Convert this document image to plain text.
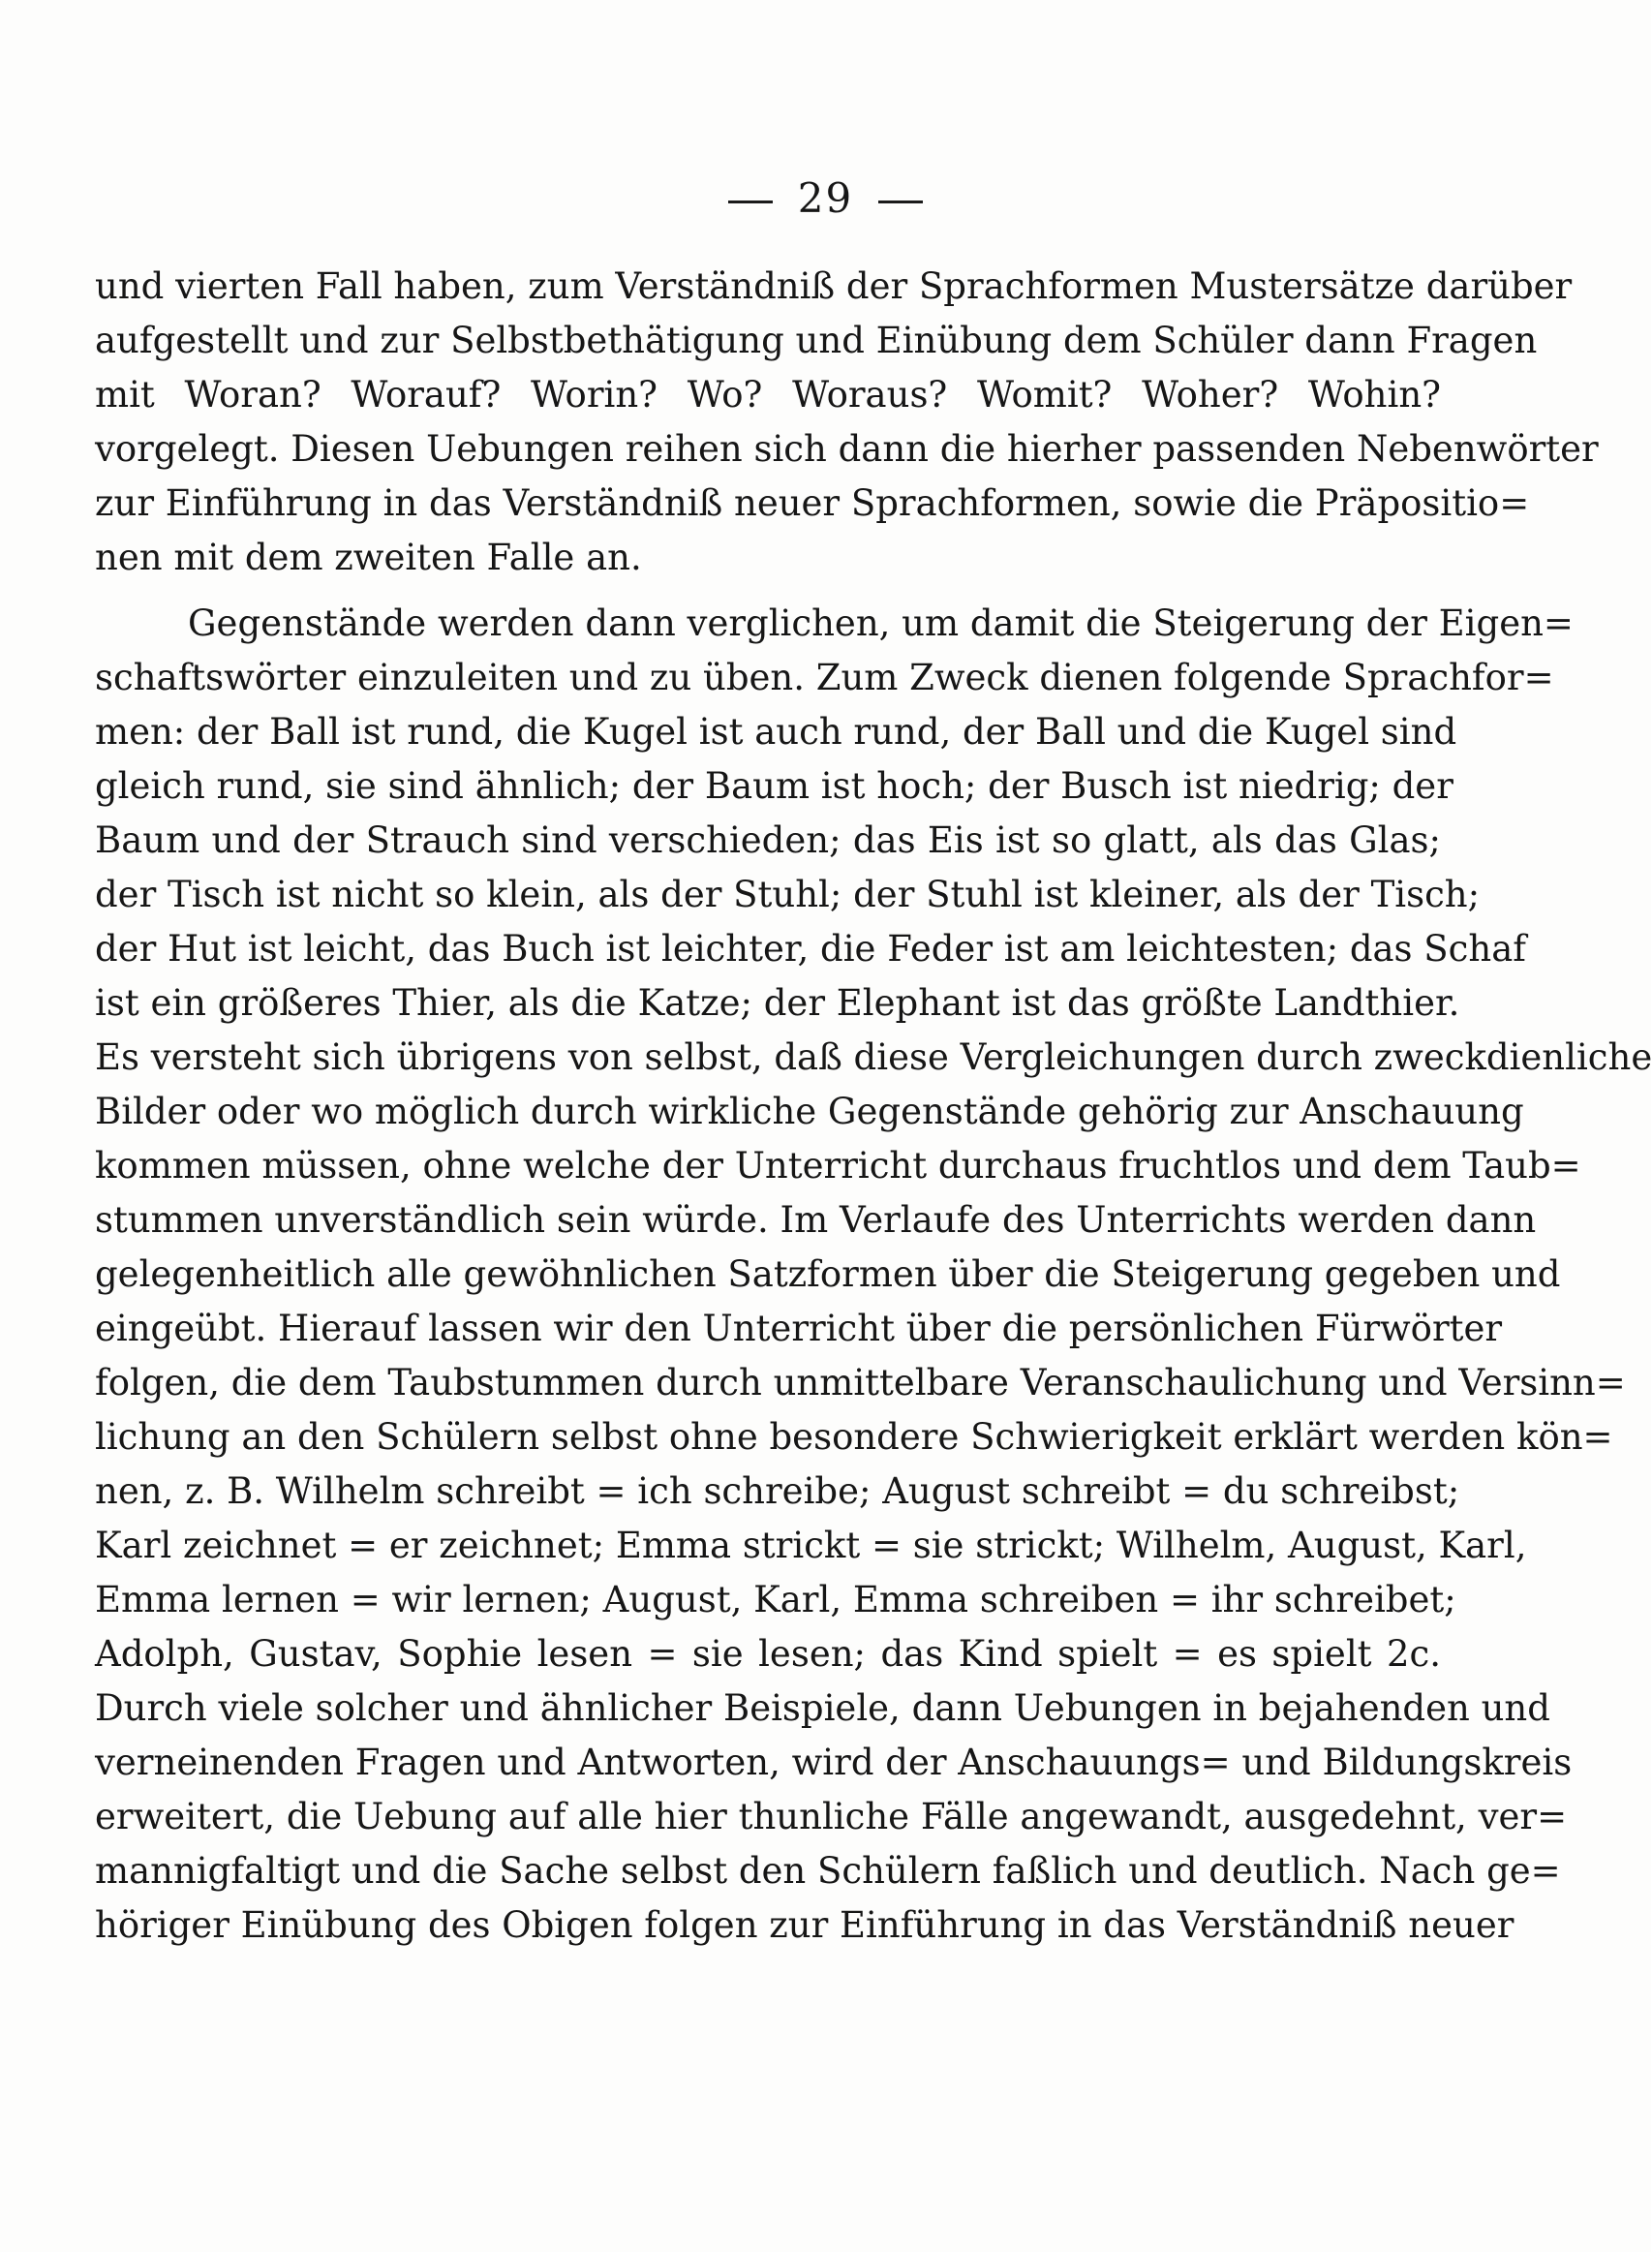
29
und vierten Fall haben, zum Verständniß der Sprachformen Mustersätze darüber
aufgestellt und zur Selbstbethätigung und Einübung dem Schüler dann Fragen
mit Woran? Worauf? Worin? Wo? Woraus? Womit? Woher? Wohin?
vorgelegt. Diesen Uebungen reihen sich dann die hierher passenden Nebenwörter
zur Einführung in das Verständniß neuer Sprachformen, sowie die Präpositio=
nen mit dem zweiten Falle an.
Gegenstände werden dann verglichen, um damit die Steigerung der Eigen=
schaftswörter einzuleiten und zu üben. Zum Zweck dienen folgende Sprachfor=
men: der Ball ist rund, die Kugel ist auch rund, der Ball und die Kugel sind
gleich rund, sie sind ähnlich; der Baum ist hoch; der Busch ist niedrig; der
Baum und der Strauch sind verschieden; das Eis ist so glatt, als das Glas;
der Tisch ist nicht so klein, als der Stuhl; der Stuhl ist kleiner, als der Tisch;
der Hut ist leicht, das Buch ist leichter, die Feder ist am leichtesten; das Schaf
ist ein größeres Thier, als die Katze; der Elephant ist das größte Landthier.
Es versteht sich übrigens von selbst, daß diese Vergleichungen durch zweckdienliche
Bilder oder wo möglich durch wirkliche Gegenstände gehörig zur Anschauung
kommen müssen, ohne welche der Unterricht durchaus fruchtlos und dem Taub=
stummen unverständlich sein würde. Im Verlaufe des Unterrichts werden dann
gelegenheitlich alle gewöhnlichen Satzformen über die Steigerung gegeben und
eingeübt. Hierauf lassen wir den Unterricht über die persönlichen Fürwörter
folgen, die dem Taubstummen durch unmittelbare Veranschaulichung und Versinn=
lichung an den Schülern selbst ohne besondere Schwierigkeit erklärt werden kön=
nen, z. B. Wilhelm schreibt = ich schreibe; August schreibt = du schreibst;
Karl zeichnet = er zeichnet; Emma strickt = sie strickt; Wilhelm, August, Karl,
Emma lernen = wir lernen; August, Karl, Emma schreiben = ihr schreibet;
Adolph, Gustav, Sophie lesen = sie lesen; das Kind spielt = es spielt 2c.
Durch viele solcher und ähnlicher Beispiele, dann Uebungen in bejahenden und
verneinenden Fragen und Antworten, wird der Anschauungs= und Bildungskreis
erweitert, die Uebung auf alle hier thunliche Fälle angewandt, ausgedehnt, ver=
mannigfaltigt und die Sache selbst den Schülern faßlich und deutlich. Nach ge=
höriger Einübung des Obigen folgen zur Einführung in das Verständniß neuer
